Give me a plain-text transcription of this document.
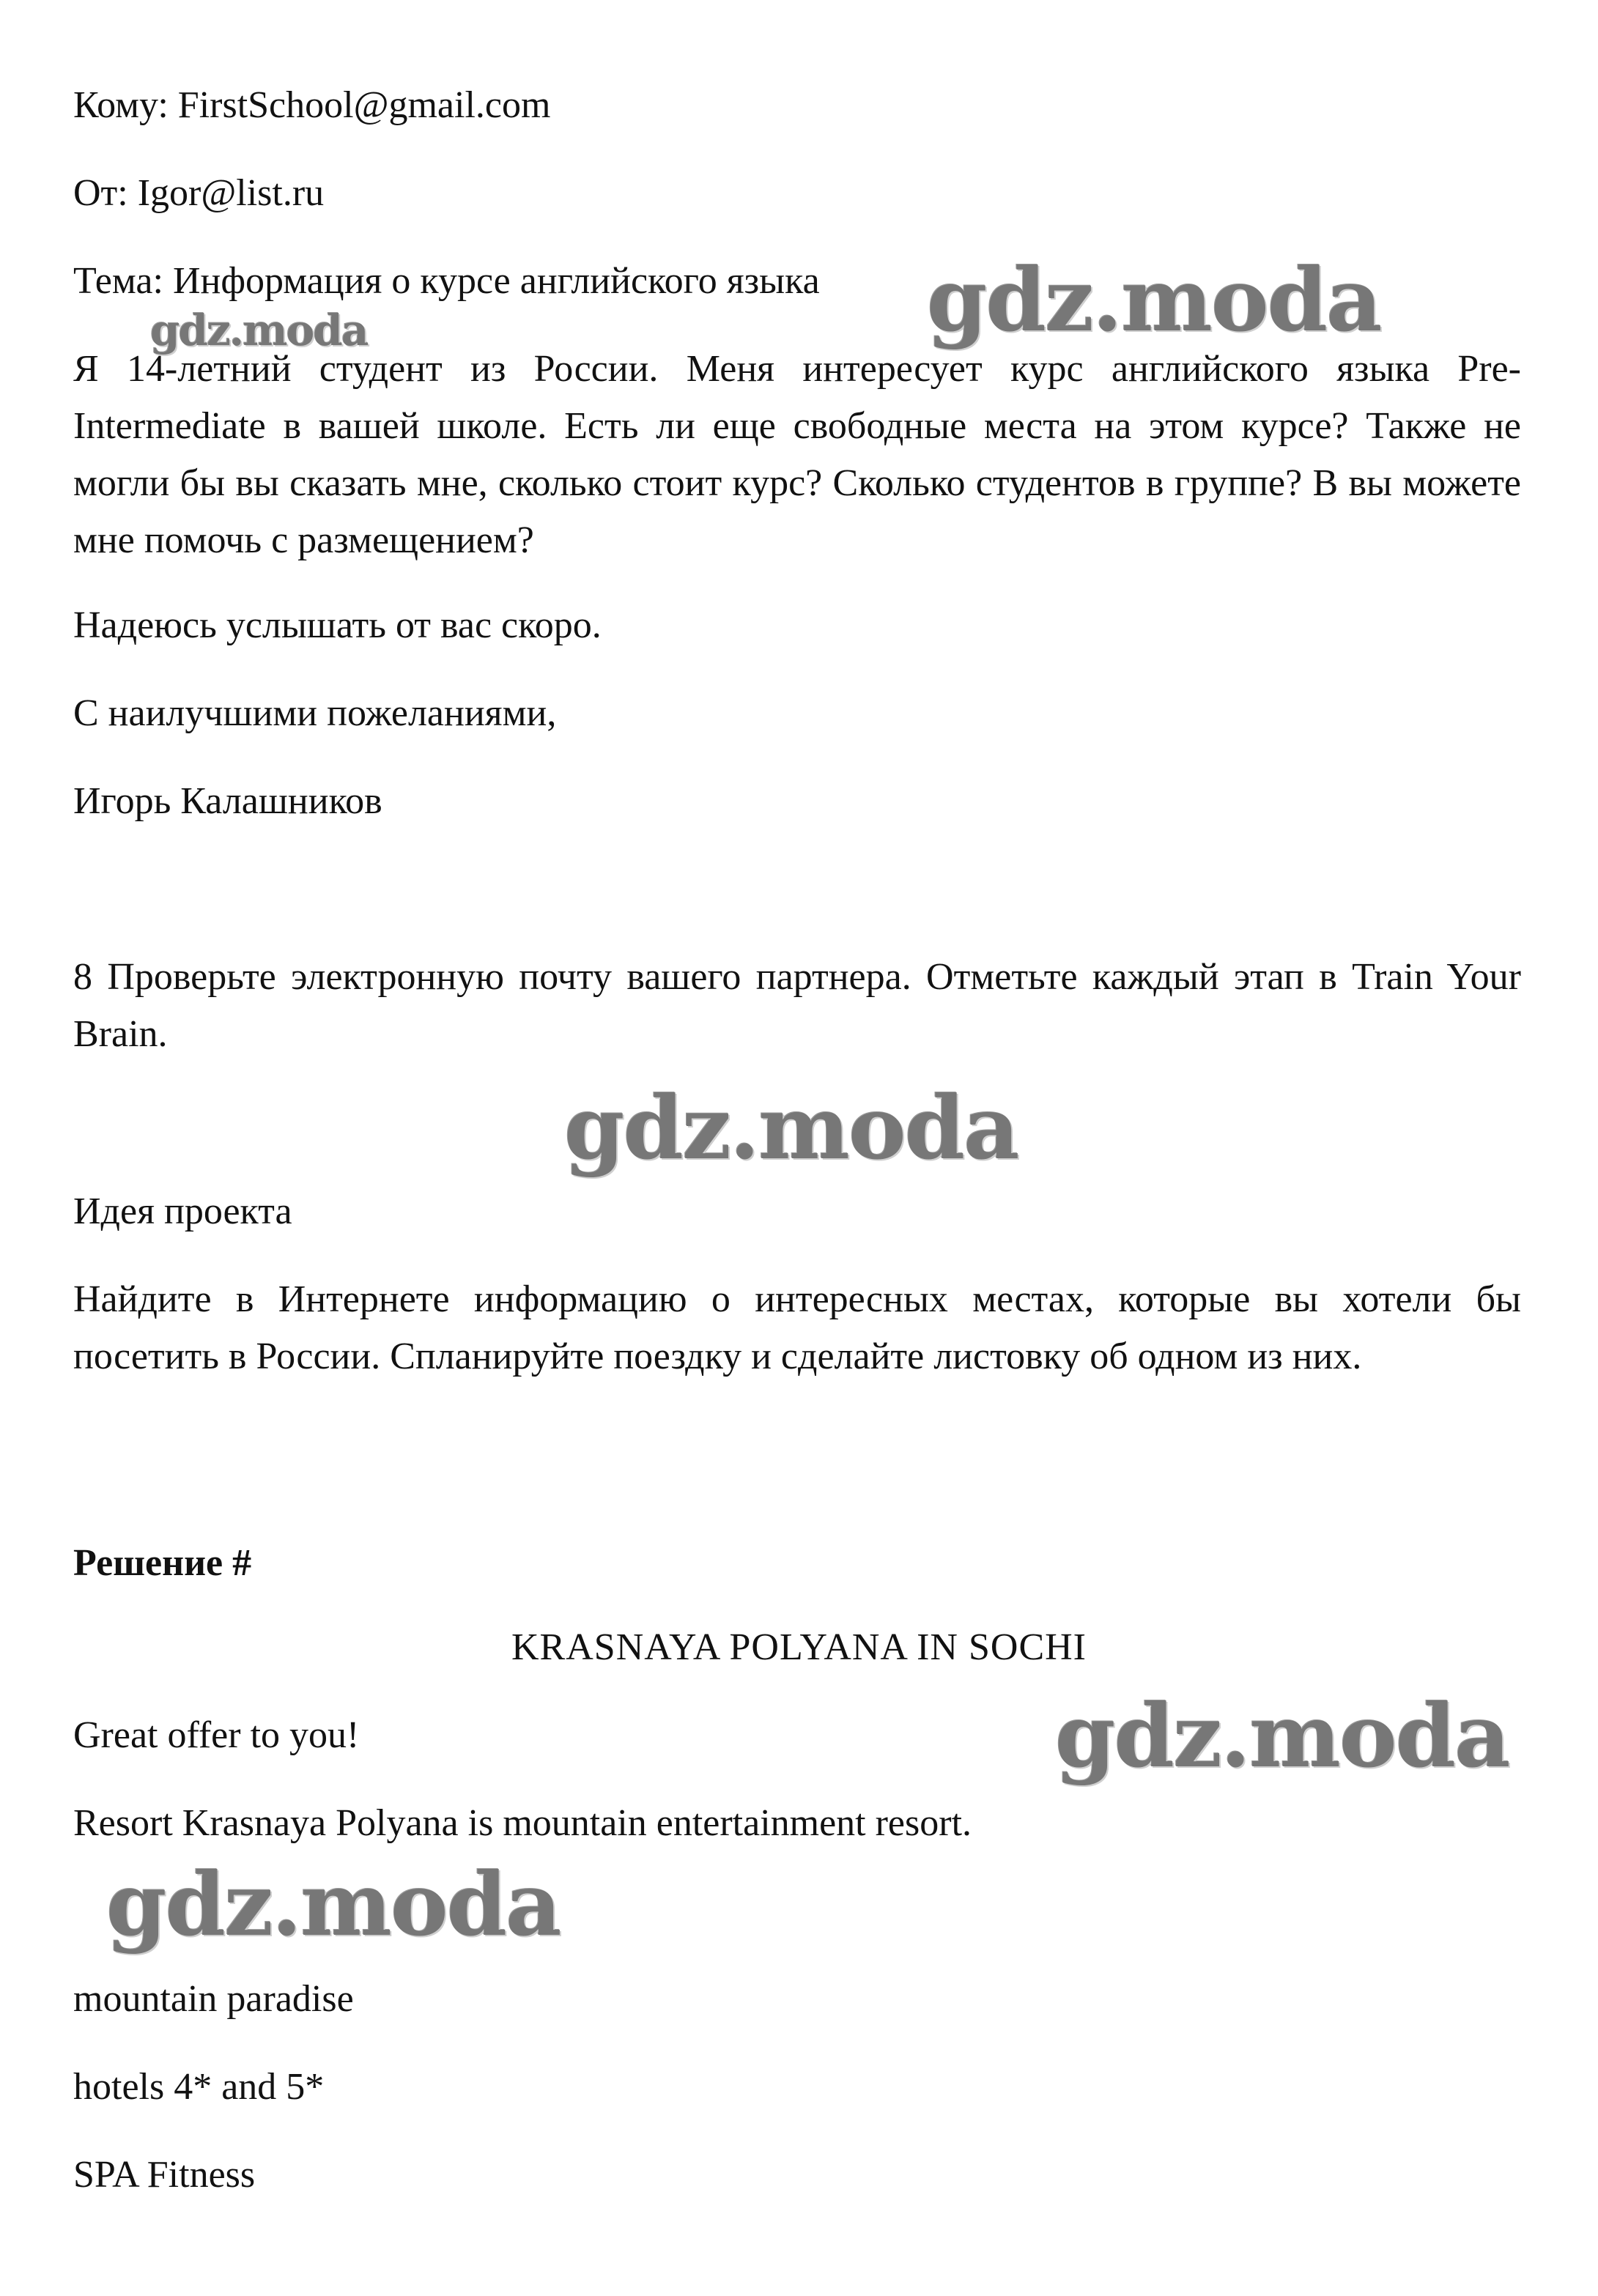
Кому: FirstSchool@gmail.com
От: Igor@list.ru
Тема: Информация о курсе английского языка
Я 14-летний студент из России. Меня интересует курс английского языка Pre-Intermediate в вашей школе. Есть ли еще свободные места на этом курсе? Также не могли бы вы сказать мне, сколько стоит курс? Сколько студентов в группе? В вы можете мне помочь с размещением?
Надеюсь услышать от вас скоро.
С наилучшими пожеланиями,
Игорь Калашников
8 Проверьте электронную почту вашего партнера. Отметьте каждый этап в Train Your Brain.
Идея проекта
Найдите в Интернете информацию о интересных местах, которые вы хотели бы посетить в России. Спланируйте поездку и сделайте листовку об одном из них.
Решение #
KRASNAYA POLYANA IN SOCHI
Great offer to you!
Resort Krasnaya Polyana is mountain entertainment resort.
mountain paradise
hotels 4* and 5*
SPA Fitness
gdz.moda
gdz.moda
gdz.moda
gdz.moda
gdz.moda
